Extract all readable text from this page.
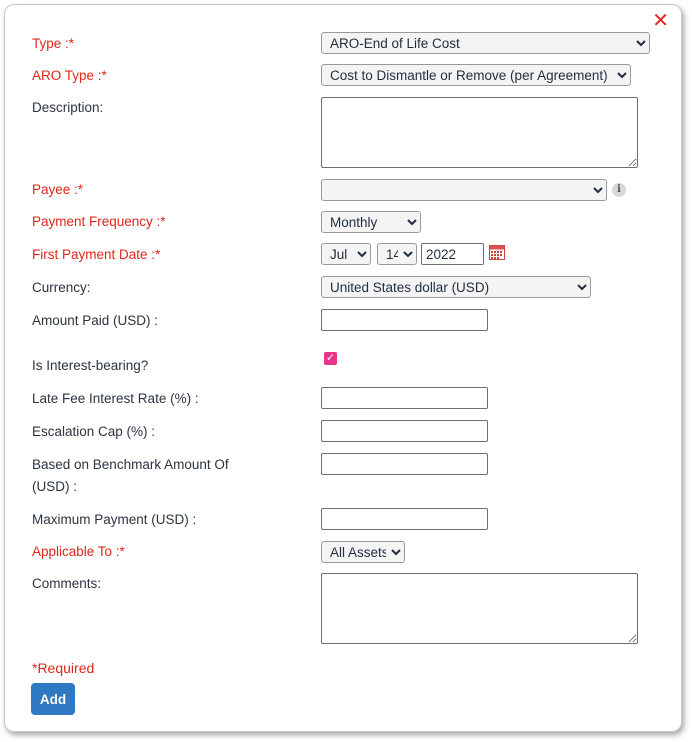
✕
Type :*
ARO-End of Life Cost
ARO Type :*
Cost to Dismantle or Remove (per Agreement)
Description:
Payee :*	i
Payment Frequency :*
Monthly
First Payment Date :*
Jul
14
2022
Currency:
United States dollar (USD)
Amount Paid (USD) :
Is Interest-bearing?	✓
Late Fee Interest Rate (%) :
Escalation Cap (%) :
Based on Benchmark Amount Of
(USD) :
Maximum Payment (USD) :
Applicable To :*
All Assets
Comments:
*Required
Add
